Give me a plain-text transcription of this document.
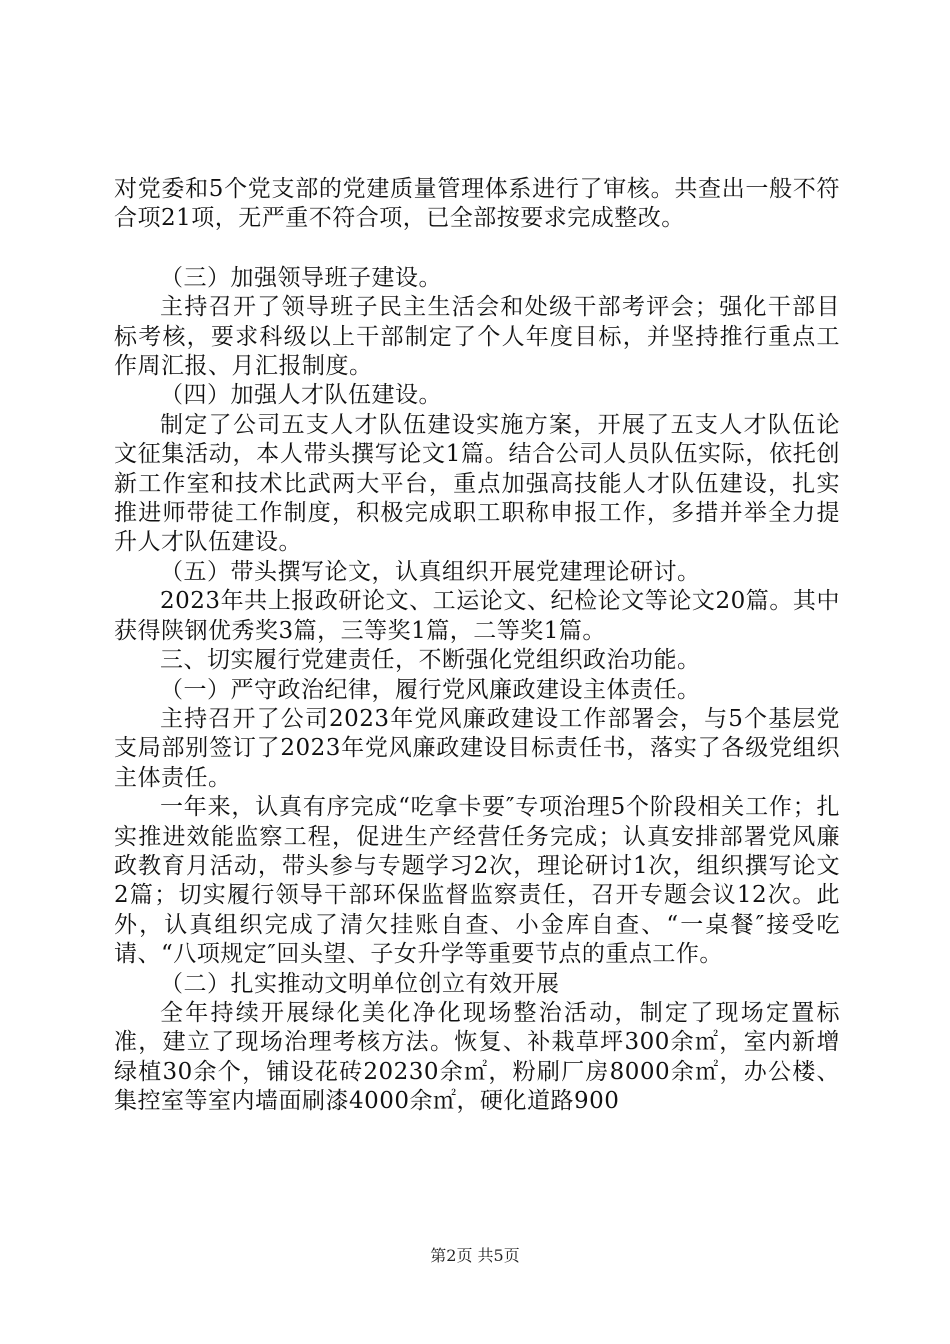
对党委和5个党支部的党建质量管理体系进行了审核。共查出一般不符合项21项，无严重不符合项，已全部按要求完成整改。

（三）加强领导班子建设。

主持召开了领导班子民主生活会和处级干部考评会；强化干部目标考核，要求科级以上干部制定了个人年度目标，并坚持推行重点工作周汇报、月汇报制度。

（四）加强人才队伍建设。

制定了公司五支人才队伍建设实施方案，开展了五支人才队伍论文征集活动，本人带头撰写论文1篇。结合公司人员队伍实际，依托创新工作室和技术比武两大平台，重点加强高技能人才队伍建设，扎实推进师带徒工作制度，积极完成职工职称申报工作，多措并举全力提升人才队伍建设。

（五）带头撰写论文，认真组织开展党建理论研讨。

2023年共上报政研论文、工运论文、纪检论文等论文20篇。其中获得陕钢优秀奖3篇，三等奖1篇，二等奖1篇。

三、切实履行党建责任，不断强化党组织政治功能。

（一）严守政治纪律，履行党风廉政建设主体责任。

主持召开了公司2023年党风廉政建设工作部署会，与5个基层党支局部别签订了2023年党风廉政建设目标责任书，落实了各级党组织主体责任。

一年来，认真有序完成“吃拿卡要″专项治理5个阶段相关工作；扎实推进效能监察工程，促进生产经营任务完成；认真安排部署党风廉政教育月活动，带头参与专题学习2次，理论研讨1次，组织撰写论文2篇；切实履行领导干部环保监督监察责任，召开专题会议12次。此外，认真组织完成了清欠挂账自查、小金库自查、“一桌餐″接受吃请、“八项规定″回头望、子女升学等重要节点的重点工作。

（二）扎实推动文明单位创立有效开展

全年持续开展绿化美化净化现场整治活动，制定了现场定置标准，建立了现场治理考核方法。恢复、补栽草坪300余㎡，室内新增绿植30余个，铺设花砖20230余㎡，粉刷厂房8000余㎡，办公楼、集控室等室内墙面刷漆4000余㎡，硬化道路900

第2页 共5页
